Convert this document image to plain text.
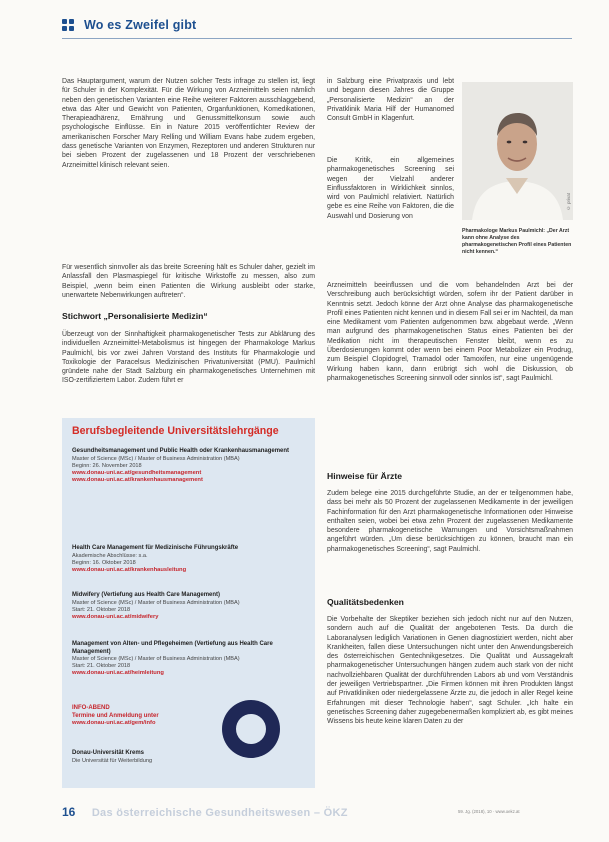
Wo es Zweifel gibt
Das Hauptargument, warum der Nutzen solcher Tests infrage zu stellen ist, liegt für Schuler in der Komplexität. Für die Wirkung von Arzneimitteln seien nämlich neben den genetischen Varianten eine Reihe weiterer Faktoren ausschlaggebend, etwa das Alter und Gewicht von Patienten, Organfunktionen, Komedikationen, Therapieadhärenz, Ernährung und Genussmittelkonsum sowie auch psychologische Einflüsse. Ein in Nature 2015 veröffentlichter Review der amerikanischen Forscher Mary Relling und William Evans habe zudem ergeben, dass genetische Varianten von Enzymen, Rezeptoren und anderen Strukturen nur bei sieben Prozent der zugelassenen und 18 Prozent der verschriebenen Arzneimittel klinisch relevant seien.
Für wesentlich sinnvoller als das breite Screening hält es Schuler daher, gezielt im Anlassfall den Plasmaspiegel für kritische Wirkstoffe zu messen, also zum Beispiel, „wenn beim einen Patienten die Wirkung ausbleibt oder starke, unerwartete Nebenwirkungen auftreten“.
Stichwort „Personalisierte Medizin“
Überzeugt von der Sinnhaftigkeit pharmakogenetischer Tests zur Abklärung des individuellen Arzneimittel-Metabolismus ist hingegen der Pharmakologe Markus Paulmichl, bis vor zwei Jahren Vorstand des Instituts für Pharmakologie und Toxikologie der Paracelsus Medizinischen Privatuniversität (PMU). Paulmichl gründete nahe der Stadt Salzburg ein pharmakogenetisches Unternehmen mit ISO-zertifiziertem Labor. Zudem führt er
in Salzburg eine Privatpraxis und lebt und begann diesen Jahres die Gruppe „Personalisierte Medizin“ an der Privatklinik Maria Hilf der Humanomed Consult GmbH in Klagenfurt.
Die Kritik, ein allgemeines pharmakogenetisches Screening sei wegen der Vielzahl anderer Einflussfaktoren in Wirklichkeit sinnlos, wird von Paulmichl relativiert. Natürlich gebe es eine Reihe von Faktoren, die die Auswahl und Dosierung von
© privat
Pharmakologe Markus Paulmichl: „Der Arzt kann ohne Analyse des pharmakogenetischen Profil eines Patienten nicht kennen.“
Arzneimitteln beeinflussen und die vom behandelnden Arzt bei der Verschreibung auch berücksichtigt würden, sofern ihr der Patient darüber in Kenntnis setzt. Jedoch könne der Arzt ohne Analyse das pharmakogenetische Profil eines Patienten nicht kennen und in diesem Fall sei er im Nachteil, da man eine Medikament vom Patienten aufgenommen bzw. abgebaut werde. „Wenn man aufgrund des pharmakogenetischen Status eines Patienten bei der Medikation nicht im therapeutischen Fenster bleibt, wenn es zu Überdosierungen kommt oder wenn bei einem Poor Metabolizer ein Prodrug, zum Beispiel Clopidogrel, Tramadol oder Tamoxifen, nur eine ungenügende Wirkung haben kann, dann erübrigt sich wohl die Diskussion, ob pharmakogenetisches Screening sinnvoll oder sinnlos ist“, sagt Paulmichl.
Hinweise für Ärzte
Zudem belege eine 2015 durchgeführte Studie, an der er teilgenommen habe, dass bei mehr als 50 Prozent der zugelassenen Medikamente in der jeweiligen Fachinformation für den Arzt pharmakogenetische Informationen oder Hinweise enthalten seien, wobei bei etwa zehn Prozent der zugelassenen Medikamente besondere pharmakogenetische Warnungen und Vorsichtsmaßnahmen angeführt würden. „Um diese berücksichtigen zu können, braucht man ein pharmakogenetisches Screening“, sagt Paulmichl.
Qualitätsbedenken
Die Vorbehalte der Skeptiker beziehen sich jedoch nicht nur auf den Nutzen, sondern auch auf die Qualität der angebotenen Tests. Da durch die Laboranalysen lediglich Variationen in Genen diagnostiziert werden, nicht aber Krankheiten, fallen diese Untersuchungen nicht unter den Anwendungsbereich des österreichischen Gentechnikgesetzes. Die Qualität und Aussagekraft pharmakogenetischer Untersuchungen hängen zudem auch stark von der nicht nachvollziehbaren Qualität der durchführenden Labors ab und vom Verständnis der jeweiligen Vertriebspartner. „Die Firmen können mit ihren Produkten längst auf Privatkliniken oder niedergelassene Ärzte zu, die jedoch in aller Regel keine Erfahrungen mit dieser Technologie haben“, sagt Schuler. „Ich halte ein genetisches Screening daher zugegebenermaßen kompliziert ab, es gibt meines Wissens bis heute keine klaren Daten zu der
Berufsbegleitende Universitätslehrgänge
Gesundheitsmanagement und Public Health oder Krankenhausmanagement
Master of Science (MSc) / Master of Business Administration (MBA)
Beginn: 26. November 2018
www.donau-uni.ac.at/gesundheitsmanagement
www.donau-uni.ac.at/krankenhausmanagement
Health Care Management für Medizinische Führungskräfte
Akademische Abschlüsse: s.a.
Beginn: 16. Oktober 2018
www.donau-uni.ac.at/krankenhausleitung
Midwifery (Vertiefung aus Health Care Management)
Master of Science (MSc) / Master of Business Administration (MBA)
Start: 21. Oktober 2018
www.donau-uni.ac.at/midwifery
Management von Alten- und Pflegeheimen (Vertiefung aus Health Care Management)
Master of Science (MSc) / Master of Business Administration (MBA)
Start: 21. Oktober 2018
www.donau-uni.ac.at/heimleitung
INFO-ABEND
Termine und Anmeldung unter
www.donau-uni.ac.at/gem/info
Donau-Universität Krems
Die Universität für Weiterbildung
16 Das österreichische Gesundheitswesen – ÖKZ	59. Jg. (2018), 10 · www.oekz.at
